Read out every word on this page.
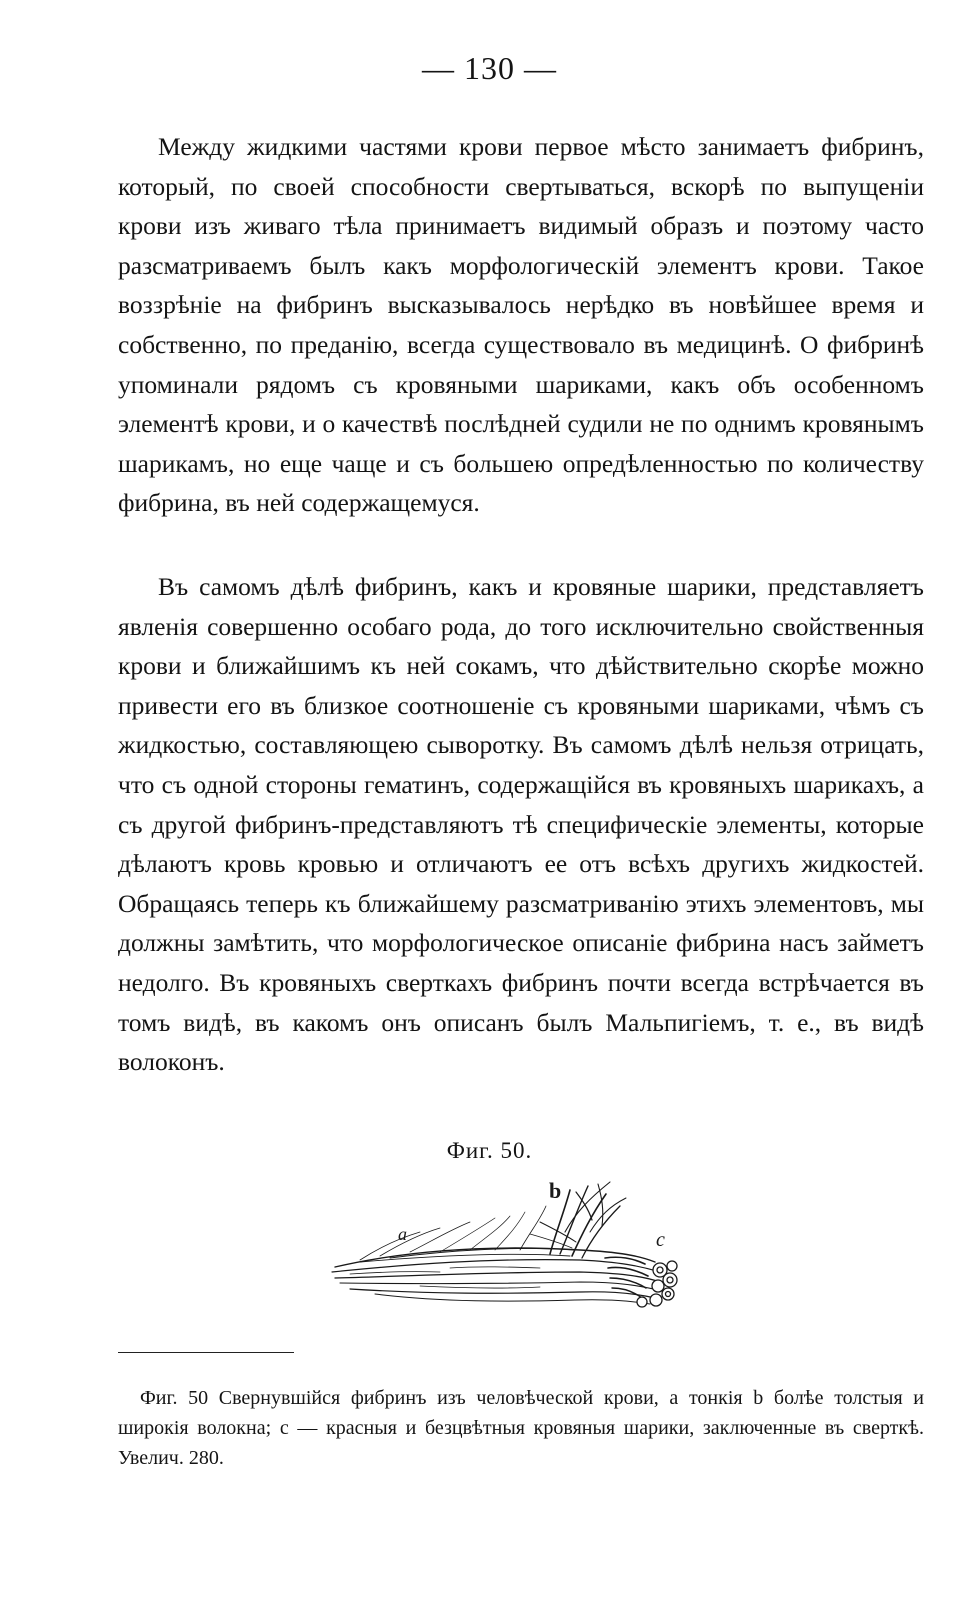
— 130 —

Между жидкими частями крови первое мѣсто занимаетъ фибринъ, который, по своей способности свертываться, вскорѣ по выпущеніи крови изъ живаго тѣла принимаетъ видимый образъ и поэтому часто разсматриваемъ былъ какъ морфологическій элементъ крови. Такое воззрѣніе на фибринъ высказывалось нерѣдко въ новѣйшее время и собственно, по преданію, всегда существовало въ медицинѣ. О фибринѣ упоминали рядомъ съ кровяными шариками, какъ объ особенномъ элементѣ крови, и о качествѣ послѣдней судили не по однимъ кровянымъ шарикамъ, но еще чаще и съ большею опредѣленностью по количеству фибрина, въ ней содержащемуся.

Въ самомъ дѣлѣ фибринъ, какъ и кровяные шарики, представляетъ явленія совершенно особаго рода, до того исключительно свойственныя крови и ближайшимъ къ ней сокамъ, что дѣйствительно скорѣе можно привести его въ близкое соотношеніе съ кровяными шариками, чѣмъ съ жидкостью, составляющею сыворотку. Въ самомъ дѣлѣ нельзя отрицать, что съ одной стороны гематинъ, содержащійся въ кровяныхъ шарикахъ, а съ другой фибринъ-представляютъ тѣ специфическіе элементы, которые дѣлаютъ кровь кровью и отличаютъ ее отъ всѣхъ другихъ жидкостей. Обращаясь теперь къ ближайшему разсматриванію этихъ элементовъ, мы должны замѣтить, что морфологическое описаніе фибрина насъ займетъ недолго. Въ кровяныхъ сверткахъ фибринъ почти всегда встрѣчается въ томъ видѣ, въ какомъ онъ описанъ былъ Мальпигіемъ, т. е., въ видѣ волоконъ.

Фиг. 50.
a
b
c

Фиг. 50 Свернувшійся фибринъ изъ человѣческой крови, а тонкія b болѣе толстыя и широкія волокна; с — красныя и безцвѣтныя кровяныя шарики, заключенные въ сверткѣ. Увелич. 280.
